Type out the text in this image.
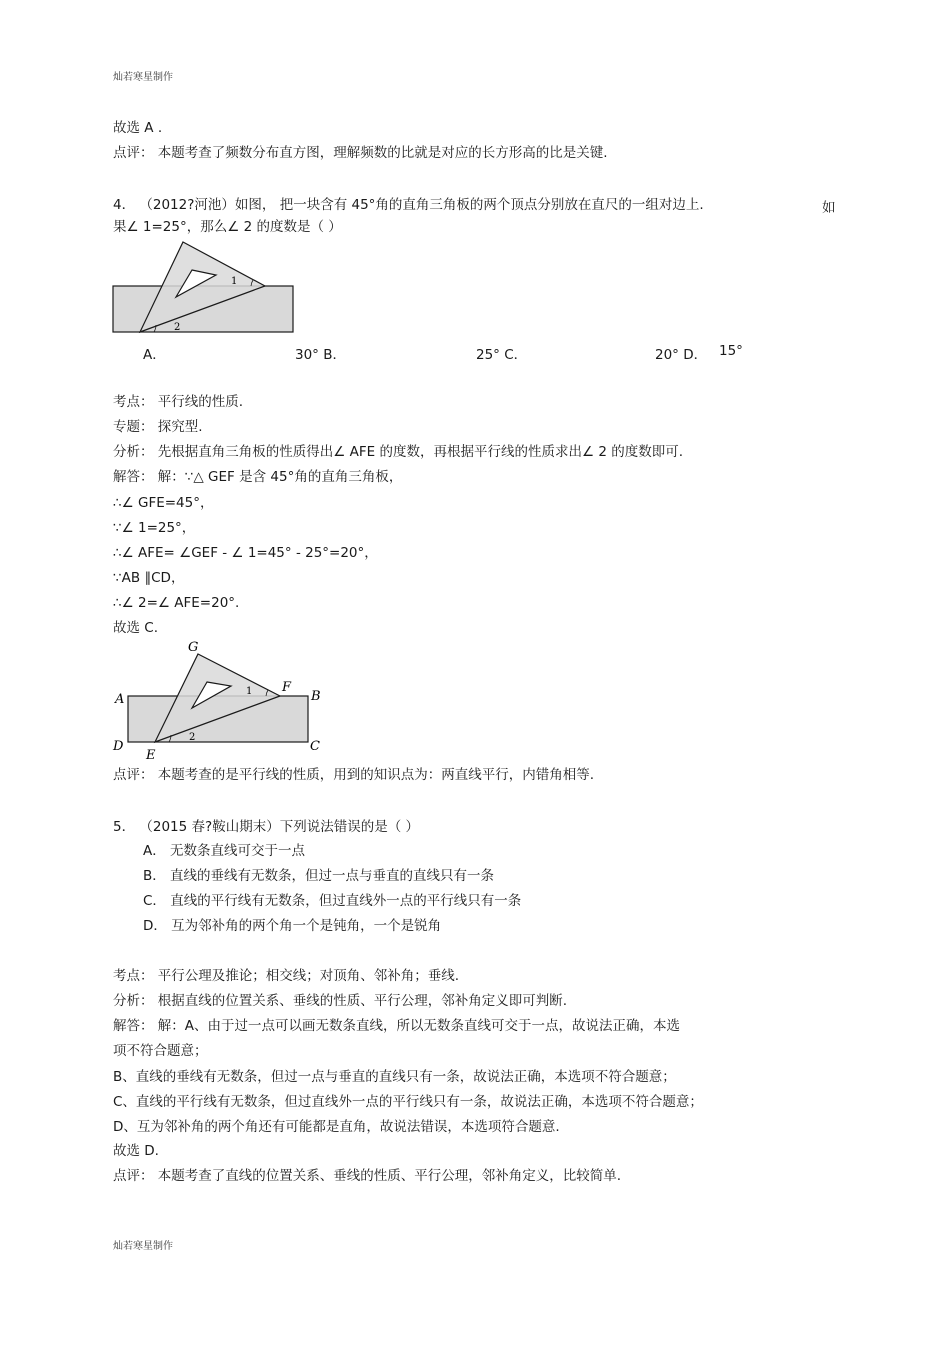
灿若寒星制作
故选 A .
点评： 本题考查了频数分布直方图，理解频数的比就是对应的长方形高的比是关键.
4． （2012?河池）如图， 把一块含有 45°角的直角三角板的两个顶点分别放在直尺的一组对边上.	如
果∠ 1=25°，那么∠ 2 的度数是（ ）
1
2
A．	30° B．	25° C．	20° D． 15°
考点： 平行线的性质.
专题： 探究型.
分析： 先根据直角三角板的性质得出∠ AFE 的度数，再根据平行线的性质求出∠ 2 的度数即可.
解答： 解：∵△ GEF 是含 45°角的直角三角板，
∴∠ GFE=45°，
∵∠ 1=25°，
∴∠ AFE= ∠GEF - ∠ 1=45° - 25°=20°，
∵AB ∥CD，
∴∠ 2=∠ AFE=20°.
故选 C.
G
F
A	B
D
E
C
1
2
点评： 本题考查的是平行线的性质，用到的知识点为：两直线平行，内错角相等.
5． （2015 春?鞍山期末）下列说法错误的是（ ）
A． 无数条直线可交于一点
B． 直线的垂线有无数条，但过一点与垂直的直线只有一条
C． 直线的平行线有无数条，但过直线外一点的平行线只有一条
D． 互为邻补角的两个角一个是钝角，一个是锐角
考点： 平行公理及推论；相交线；对顶角、邻补角；垂线.
分析： 根据直线的位置关系、垂线的性质、平行公理，邻补角定义即可判断.
解答： 解：A、由于过一点可以画无数条直线，所以无数条直线可交于一点，故说法正确，本选
项不符合题意；
B、直线的垂线有无数条，但过一点与垂直的直线只有一条，故说法正确，本选项不符合题意；
C、直线的平行线有无数条，但过直线外一点的平行线只有一条，故说法正确，本选项不符合题意；
D、互为邻补角的两个角还有可能都是直角，故说法错误，本选项符合题意.
故选 D.
点评： 本题考查了直线的位置关系、垂线的性质、平行公理，邻补角定义，比较简单.
灿若寒星制作
